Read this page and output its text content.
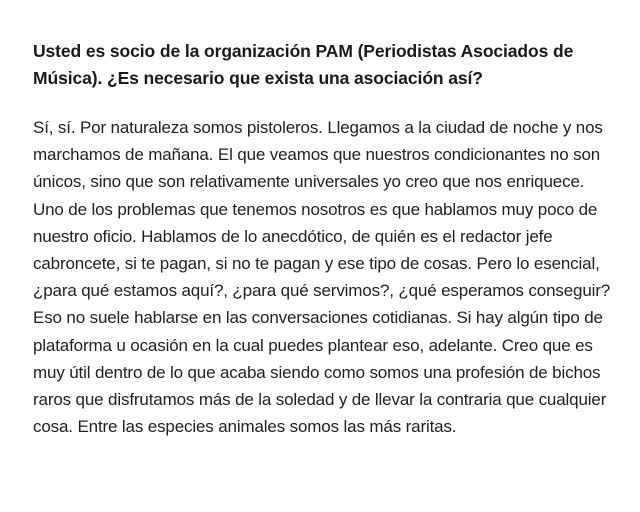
Usted es socio de la organización PAM (Periodistas Asociados de Música). ¿Es necesario que exista una asociación así?

Sí, sí. Por naturaleza somos pistoleros. Llegamos a la ciudad de noche y nos marchamos de mañana. El que veamos que nuestros condicionantes no son únicos, sino que son relativamente universales yo creo que nos enriquece. Uno de los problemas que tenemos nosotros es que hablamos muy poco de nuestro oficio. Hablamos de lo anecdótico, de quién es el redactor jefe cabroncete, si te pagan, si no te pagan y ese tipo de cosas. Pero lo esencial, ¿para qué estamos aquí?, ¿para qué servimos?, ¿qué esperamos conseguir? Eso no suele hablarse en las conversaciones cotidianas. Si hay algún tipo de plataforma u ocasión en la cual puedes plantear eso, adelante. Creo que es muy útil dentro de lo que acaba siendo como somos una profesión de bichos raros que disfrutamos más de la soledad y de llevar la contraria que cualquier cosa. Entre las especies animales somos las más raritas.
